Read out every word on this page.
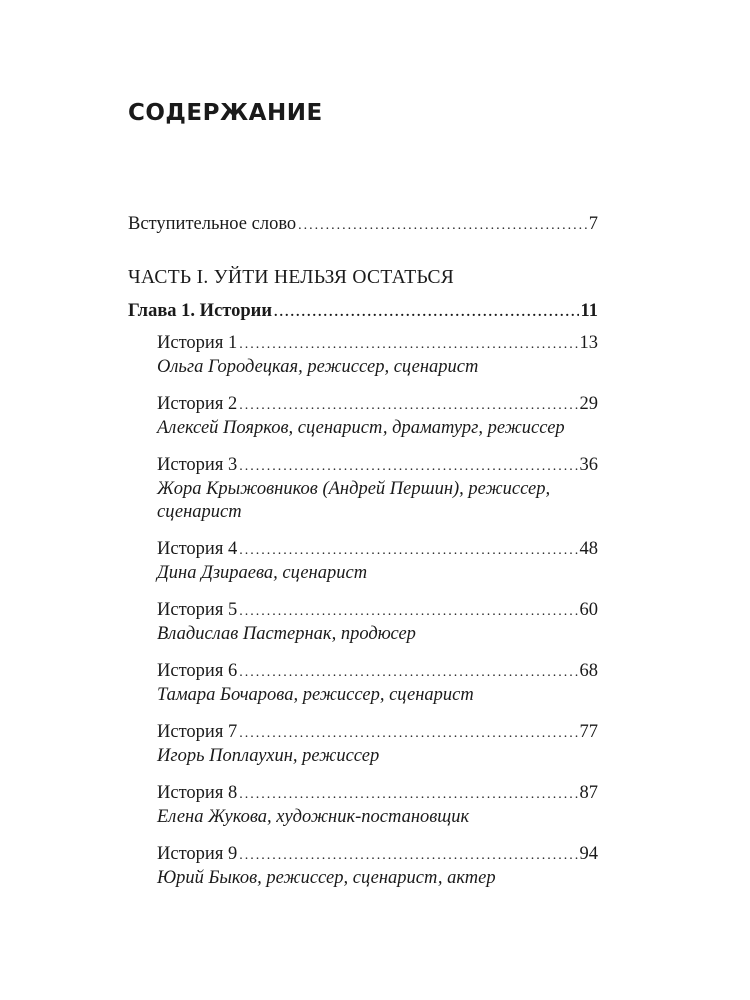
СОДЕРЖАНИЕ
Вступительное слово .....	7
ЧАСТЬ I. УЙТИ НЕЛЬЗЯ ОСТАТЬСЯ
Глава 1. Истории .....	11
История 1 .....	13
Ольга Городецкая, режиссер, сценарист
История 2 .....	29
Алексей Поярков, сценарист, драматург, режиссер
История 3 .....	36
Жора Крыжовников (Андрей Першин), режиссер,
сценарист
История 4 .....	48
Дина Дзираева, сценарист
История 5 .....	60
Владислав Пастернак, продюсер
История 6 .....	68
Тамара Бочарова, режиссер, сценарист
История 7 .....	77
Игорь Поплаухин, режиссер
История 8 .....	87
Елена Жукова, художник-постановщик
История 9 .....	94
Юрий Быков, режиссер, сценарист, актер
